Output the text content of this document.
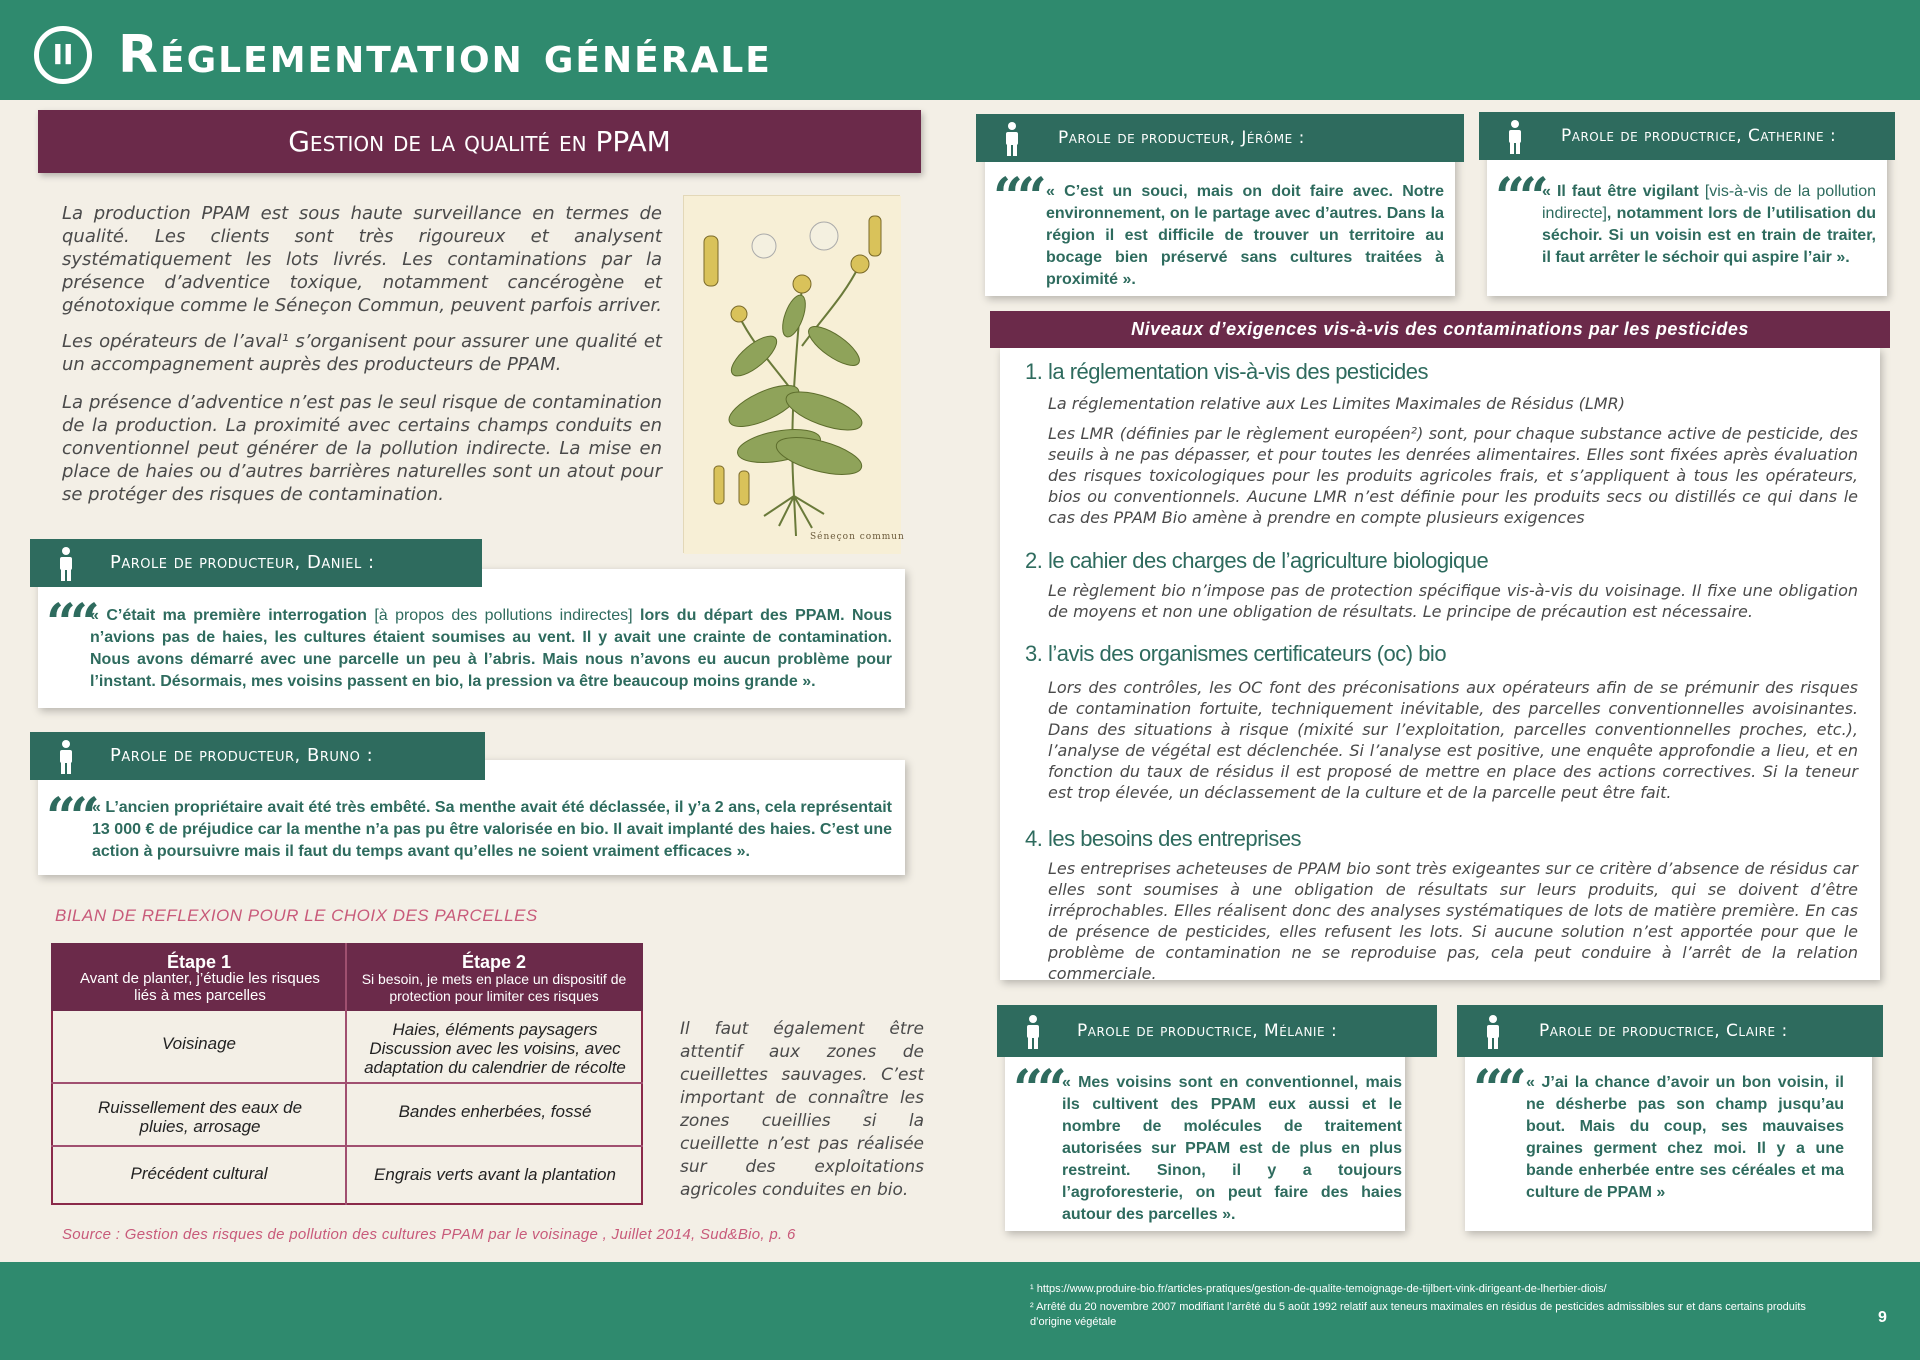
II Réglementation générale
Gestion de la qualité en PPAM
La production PPAM est sous haute surveillance en termes de qualité. Les clients sont très rigoureux et analysent systématiquement les lots livrés. Les contaminations par la présence d’adventice toxique, notamment cancérogène et génotoxique comme le Séneçon Commun, peuvent parfois arriver.
Les opérateurs de l’aval¹ s’organisent pour assurer une qualité et un accompagnement auprès des producteurs de PPAM.
La présence d’adventice n’est pas le seul risque de contamination de la production. La proximité avec certains champs conduits en conventionnel peut générer de la pollution indirecte. La mise en place de haies ou d’autres barrières naturelles sont un atout pour se protéger des risques de contamination.
Séneçon commun
Parole de producteur, Daniel :
““
« C’était ma première interrogation [à propos des pollutions indirectes] lors du départ des PPAM. Nous n’avions pas de haies, les cultures étaient soumises au vent. Il y avait une crainte de contamination. Nous avons démarré avec une parcelle un peu à l’abris. Mais nous n’avons eu aucun problème pour l’instant. Désormais, mes voisins passent en bio, la pression va être beaucoup moins grande ».
Parole de producteur, Bruno :
““
« L’ancien propriétaire avait été très embêté. Sa menthe avait été déclassée, il y’a 2 ans, cela représentait 13 000 € de préjudice car la menthe n’a pas pu être valorisée en bio. Il avait implanté des haies. C’est une action à poursuivre mais il faut du temps avant qu’elles ne soient vraiment efficaces ».
BILAN DE REFLEXION POUR LE CHOIX DES PARCELLES
Étape 1
Avant de planter, j’étudie les risques liés à mes parcelles
Étape 2
Si besoin, je mets en place un dispositif de protection pour limiter ces risques
Voisinage
Haies, éléments paysagers Discussion avec les voisins, avec adaptation du calendrier de récolte
Ruissellement des eaux de pluies, arrosage
Bandes enherbées, fossé
Précédent cultural	Engrais verts avant la plantation
Il faut également être attentif aux zones de cueillettes sauvages. C’est important de connaître les zones cueillies si la cueillette n’est pas réalisée sur des exploitations agricoles conduites en bio.
Source : Gestion des risques de pollution des cultures PPAM par le voisinage , Juillet 2014, Sud&Bio, p. 6
Parole de producteur, Jérôme :
““ « C’est un souci, mais on doit faire avec. Notre environnement, on le partage avec d’autres. Dans la région il est difficile de trouver un territoire au bocage bien préservé sans cultures traitées à proximité ».
Parole de productrice, Catherine :
““ « Il faut être vigilant [vis-à-vis de la pollution indirecte], notamment lors de l’utilisation du séchoir. Si un voisin est en train de traiter, il faut arrêter le séchoir qui aspire l’air ».
Niveaux d’exigences vis-à-vis des contaminations par les pesticides
1. la réglementation vis-à-vis des pesticides
La réglementation relative aux Les Limites Maximales de Résidus (LMR)
Les LMR (définies par le règlement européen²) sont, pour chaque substance active de pesticide, des seuils à ne pas dépasser, et pour toutes les denrées alimentaires. Elles sont fixées après évaluation des risques toxicologiques pour les produits agricoles frais, et s’appliquent à tous les opérateurs, bios ou conventionnels. Aucune LMR n’est définie pour les produits secs ou distillés ce qui dans le cas des PPAM Bio amène à prendre en compte plusieurs exigences
2. le cahier des charges de l’agriculture biologique
Le règlement bio n’impose pas de protection spécifique vis-à-vis du voisinage. Il fixe une obligation de moyens et non une obligation de résultats. Le principe de précaution est nécessaire.
3. l’avis des organismes certificateurs (oc) bio
Lors des contrôles, les OC font des préconisations aux opérateurs afin de se prémunir des risques de contamination fortuite, techniquement inévitable, des parcelles conventionnelles avoisinantes. Dans des situations à risque (mixité sur l’exploitation, parcelles conventionnelles proches, etc.), l’analyse de végétal est déclenchée. Si l’analyse est positive, une enquête approfondie a lieu, et en fonction du taux de résidus il est proposé de mettre en place des actions correctives. Si la teneur est trop élevée, un déclassement de la culture et de la parcelle peut être fait.
4. les besoins des entreprises
Les entreprises acheteuses de PPAM bio sont très exigeantes sur ce critère d’absence de résidus car elles sont soumises à une obligation de résultats sur leurs produits, qui se doivent d’être irréprochables. Elles réalisent donc des analyses systématiques de lots de matière première. En cas de présence de pesticides, elles refusent les lots. Si aucune solution n’est apportée pour que le problème de contamination ne se reproduise pas, cela peut conduire à l’arrêt de la relation commerciale.
Parole de productrice, Mélanie :
““ « Mes voisins sont en conventionnel, mais ils cultivent des PPAM eux aussi et le nombre de molécules de traitement autorisées sur PPAM est de plus en plus restreint. Sinon, il y a toujours l’agroforesterie, on peut faire des haies autour des parcelles ».
Parole de productrice, Claire :
““ « J’ai la chance d’avoir un bon voisin, il ne désherbe pas son champ jusqu’au bout. Mais du coup, ses mauvaises graines germent chez moi. Il y a une bande enherbée entre ses céréales et ma culture de PPAM »
¹ https://www.produire-bio.fr/articles-pratiques/gestion-de-qualite-temoignage-de-tijlbert-vink-dirigeant-de-lherbier-diois/
² Arrêté du 20 novembre 2007 modifiant l’arrêté du 5 août 1992 relatif aux teneurs maximales en résidus de pesticides admissibles sur et dans certains produits d’origine végétale	9
